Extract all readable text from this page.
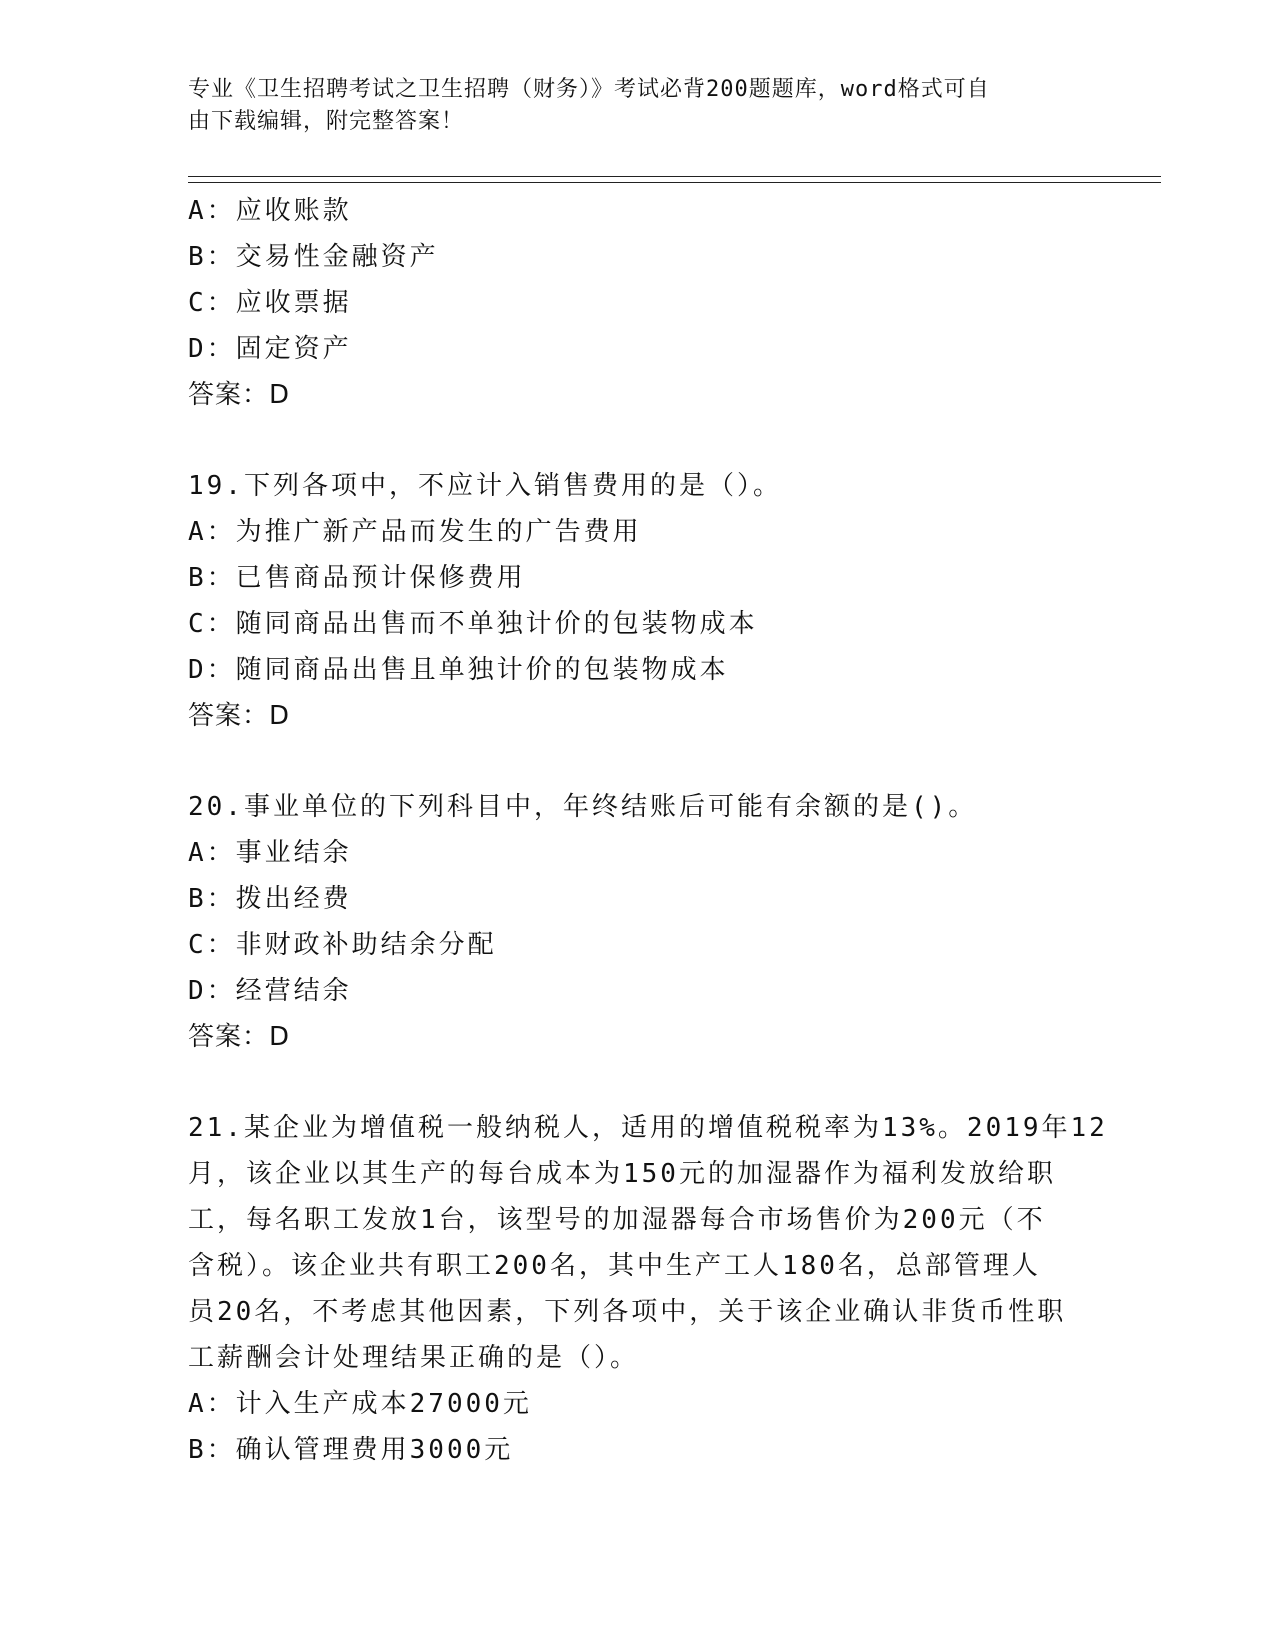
专业《卫生招聘考试之卫生招聘（财务）》考试必背200题题库，word格式可自
由下载编辑，附完整答案！
A：应收账款
B：交易性金融资产
C：应收票据
D：固定资产
答案：D
19.下列各项中，不应计入销售费用的是（）。
A：为推广新产品而发生的广告费用
B：已售商品预计保修费用
C：随同商品出售而不单独计价的包装物成本
D：随同商品出售且单独计价的包装物成本
答案：D
20.事业单位的下列科目中，年终结账后可能有余额的是()。
A：事业结余
B：拨出经费
C：非财政补助结余分配
D：经营结余
答案：D
21.某企业为增值税一般纳税人，适用的增值税税率为13%。2019年12
月，该企业以其生产的每台成本为150元的加湿器作为福利发放给职
工，每名职工发放1台，该型号的加湿器每合市场售价为200元（不
含税）。该企业共有职工200名，其中生产工人180名，总部管理人
员20名，不考虑其他因素，下列各项中，关于该企业确认非货币性职
工薪酬会计处理结果正确的是（）。
A：计入生产成本27000元
B：确认管理费用3000元
